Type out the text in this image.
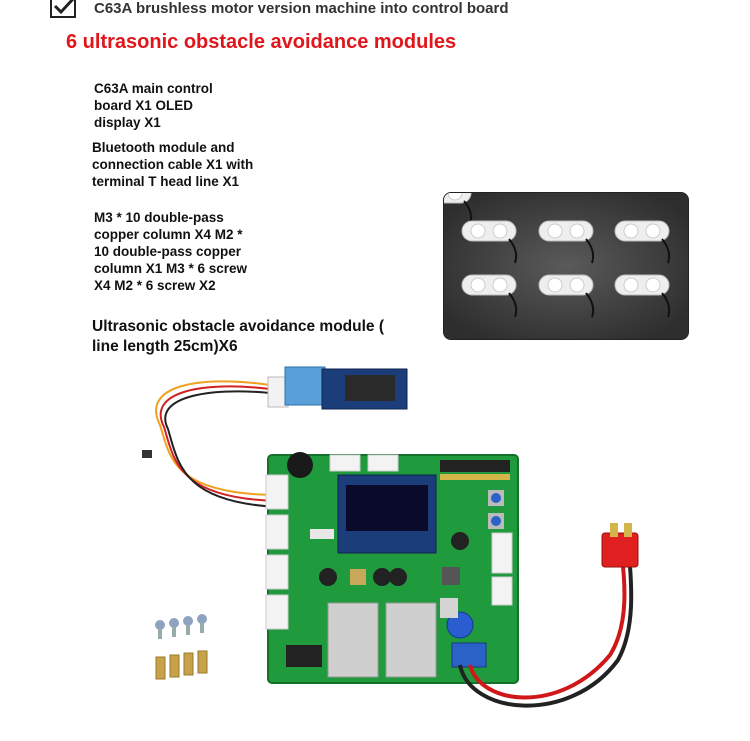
C63A brushless motor version machine into control board
6 ultrasonic obstacle avoidance modules
C63A main control
board X1 OLED
display X1
Bluetooth module and
connection cable X1 with
terminal T head line X1
M3 * 10 double-pass
copper column X4 M2 *
10 double-pass copper
column X1 M3 * 6 screw
X4 M2 * 6 screw X2
Ultrasonic obstacle avoidance module (
line length 25cm)X6
